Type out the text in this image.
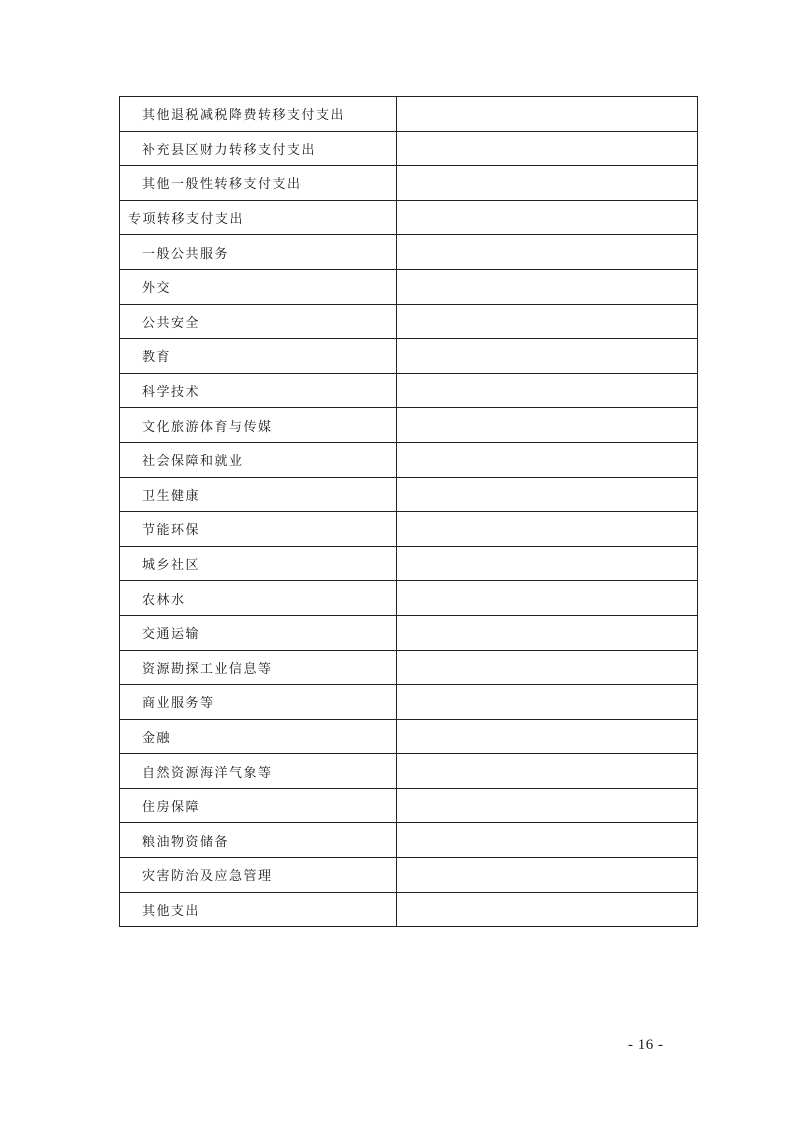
其他退税减税降费转移支付支出	
补充县区财力转移支付支出	
其他一般性转移支付支出	
专项转移支付支出	
一般公共服务	
外交	
公共安全	
教育	
科学技术	
文化旅游体育与传媒	
社会保障和就业	
卫生健康	
节能环保	
城乡社区	
农林水	
交通运输	
资源勘探工业信息等	
商业服务等	
金融	
自然资源海洋气象等	
住房保障	
粮油物资储备	
灾害防治及应急管理	
其他支出	
- 16 -
